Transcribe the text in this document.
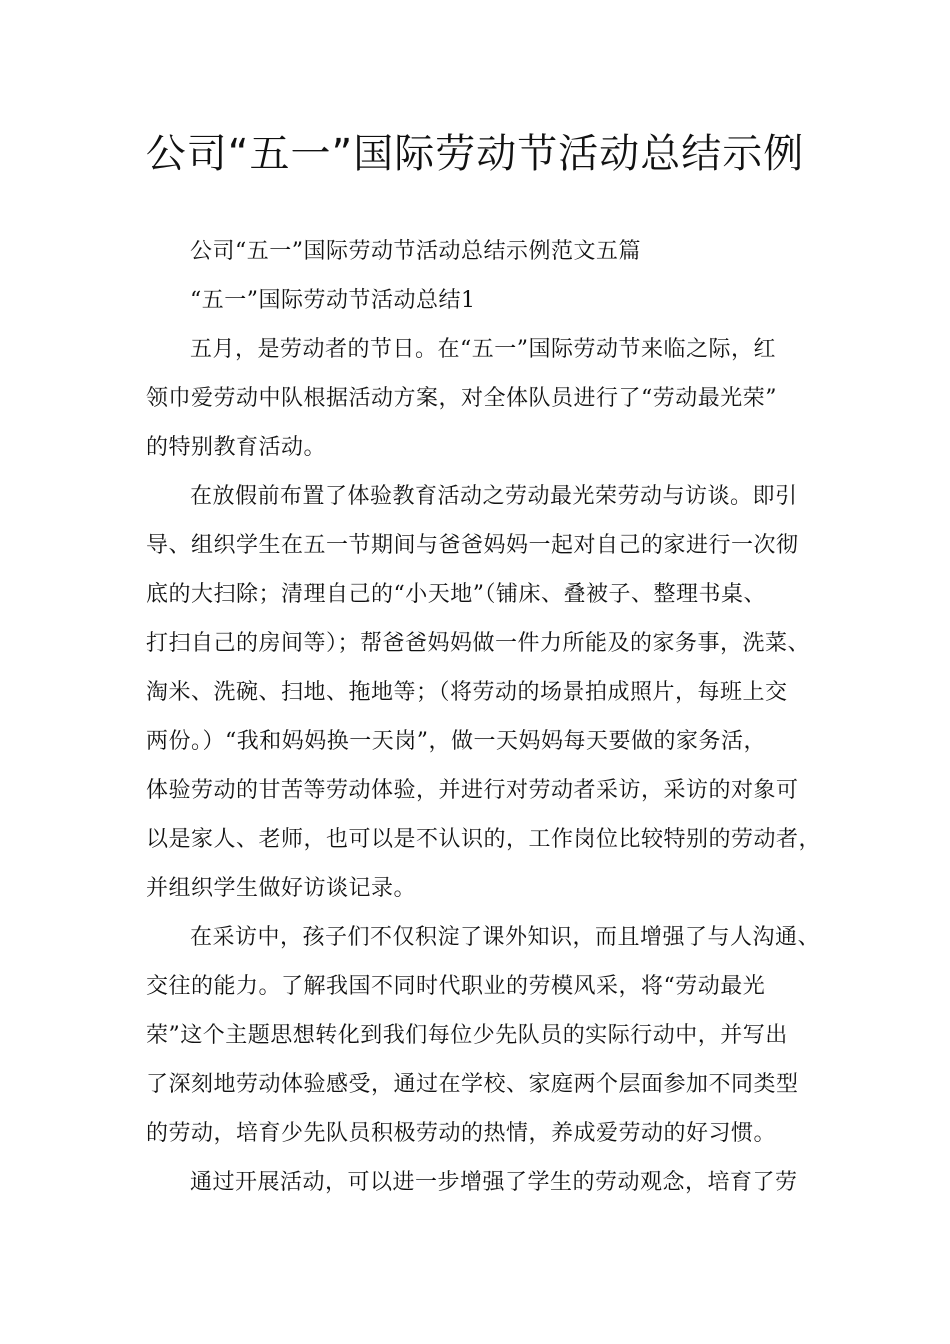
公司“五一”国际劳动节活动总结示例
公司“五一”国际劳动节活动总结示例范文五篇
“五一”国际劳动节活动总结1
五月，是劳动者的节日。在“五一”国际劳动节来临之际，红
领巾爱劳动中队根据活动方案，对全体队员进行了“劳动最光荣”
的特别教育活动。
在放假前布置了体验教育活动之劳动最光荣劳动与访谈。即引
导、组织学生在五一节期间与爸爸妈妈一起对自己的家进行一次彻
底的大扫除；清理自己的“小天地”（铺床、叠被子、整理书桌、
打扫自己的房间等）；帮爸爸妈妈做一件力所能及的家务事，洗菜、
淘米、洗碗、扫地、拖地等；（将劳动的场景拍成照片，每班上交
两份。）“我和妈妈换一天岗”，做一天妈妈每天要做的家务活，
体验劳动的甘苦等劳动体验，并进行对劳动者采访，采访的对象可
以是家人、老师，也可以是不认识的，工作岗位比较特别的劳动者，
并组织学生做好访谈记录。
在采访中，孩子们不仅积淀了课外知识，而且增强了与人沟通、
交往的能力。了解我国不同时代职业的劳模风采，将“劳动最光
荣”这个主题思想转化到我们每位少先队员的实际行动中，并写出
了深刻地劳动体验感受，通过在学校、家庭两个层面参加不同类型
的劳动，培育少先队员积极劳动的热情，养成爱劳动的好习惯。
通过开展活动，可以进一步增强了学生的劳动观念，培育了劳
